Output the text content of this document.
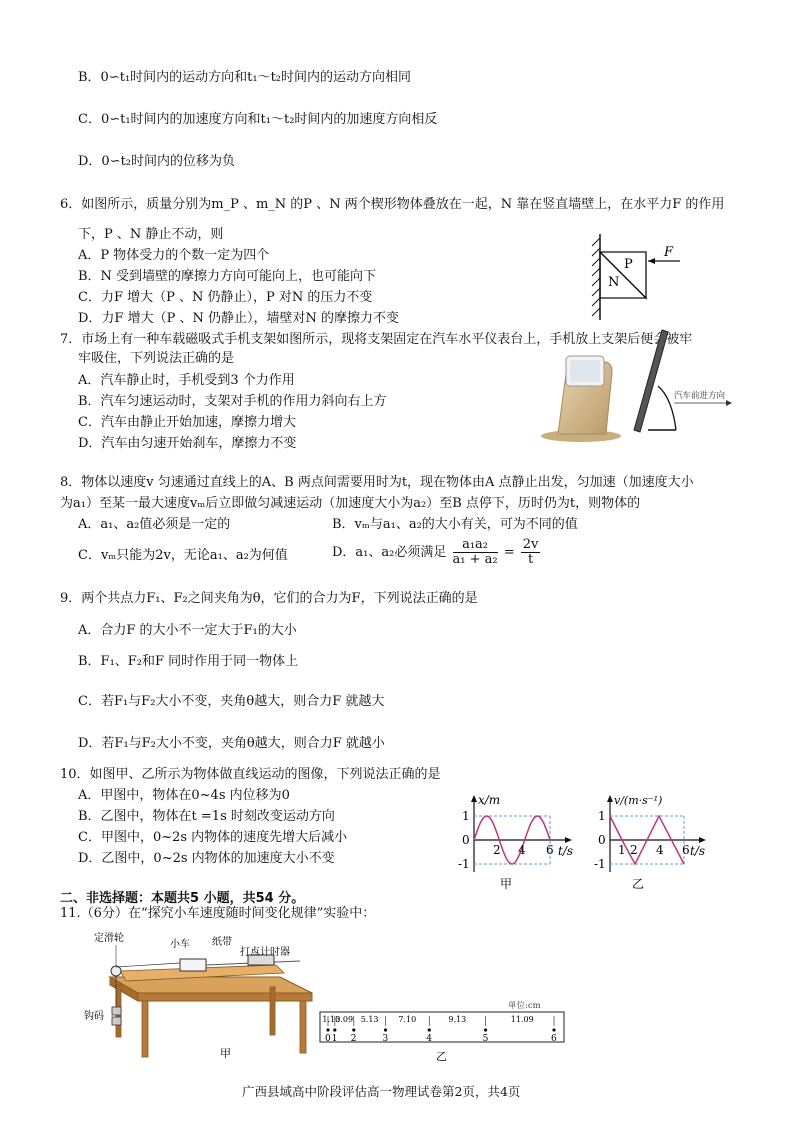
B．0∽t₁时间内的运动方向和t₁～t₂时间内的运动方向相同
C．0∽t₁时间内的加速度方向和t₁～t₂时间内的加速度方向相反
D．0∽t₂时间内的位移为负
6．如图所示，质量分别为m_P 、m_N 的P 、N 两个楔形物体叠放在一起，N 靠在竖直墙壁上，在水平力F 的作用
下，P 、N 静止不动，则
A．P 物体受力的个数一定为四个
B．N 受到墙壁的摩擦力方向可能向上，也可能向下
C．力F 增大（P 、N 仍静止），P 对N 的压力不变
D．力F 增大（P 、N 仍静止），墙壁对N 的摩擦力不变
N
P
F
7．市场上有一种车载磁吸式手机支架如图所示，现将支架固定在汽车水平仪表台上，手机放上支架后便会被牢
牢吸住，下列说法正确的是
A．汽车静止时，手机受到3 个力作用
B．汽车匀速运动时，支架对手机的作用力斜向右上方
C．汽车由静止开始加速，摩擦力增大
D．汽车由匀速开始刹车，摩擦力不变
汽车前进方向
8．物体以速度v 匀速通过直线上的A、B 两点间需要用时为t，现在物体由A 点静止出发，匀加速（加速度大小
为a₁）至某一最大速度vₘ后立即做匀减速运动（加速度大小为a₂）至B 点停下，历时仍为t，则物体的
A．a₁、a₂值必须是一定的	B．vₘ与a₁、a₂的大小有关，可为不同的值
C．vₘ只能为2v，无论a₁、a₂为何值	D．a₁、a₂必须满足 $\frac{\text{a₁a₂}}{\text{a₁ + a₂}} = \frac{2v}{t}$
9．两个共点力F₁、F₂之间夹角为θ，它们的合力为F，下列说法正确的是
A．合力F 的大小不一定大于F₁的大小
B．F₁、F₂和F 同时作用于同一物体上
C．若F₁与F₂大小不变，夹角θ越大，则合力F 就越大
D．若F₁与F₂大小不变，夹角θ越大，则合力F 就越小
10．如图甲、乙所示为物体做直线运动的图像，下列说法正确的是
A．甲图中，物体在0~4s 内位移为0
B．乙图中，物体在t =1s 时刻改变运动方向
C．甲图中，0~2s 内物体的速度先增大后减小
D．乙图中，0~2s 内物体的加速度大小不变
x/m
t/s
1
-1
0
2 4 6
甲
v/(m·s⁻¹)
t/s
1
-1
0
1 2 4 6
乙
二、非选择题：本题共5 小题，共54 分。
11.（6分）在“探究小车速度随时间变化规律”实验中：
定滑轮
小车 纸带
打点计时器
钩码
甲
单位:cm
0 1 2	3	4	5	6
1.10
3.09 5.13 7.10	9.13	11.09
乙
广西县域高中阶段评估高一物理试卷第2页，共4页
